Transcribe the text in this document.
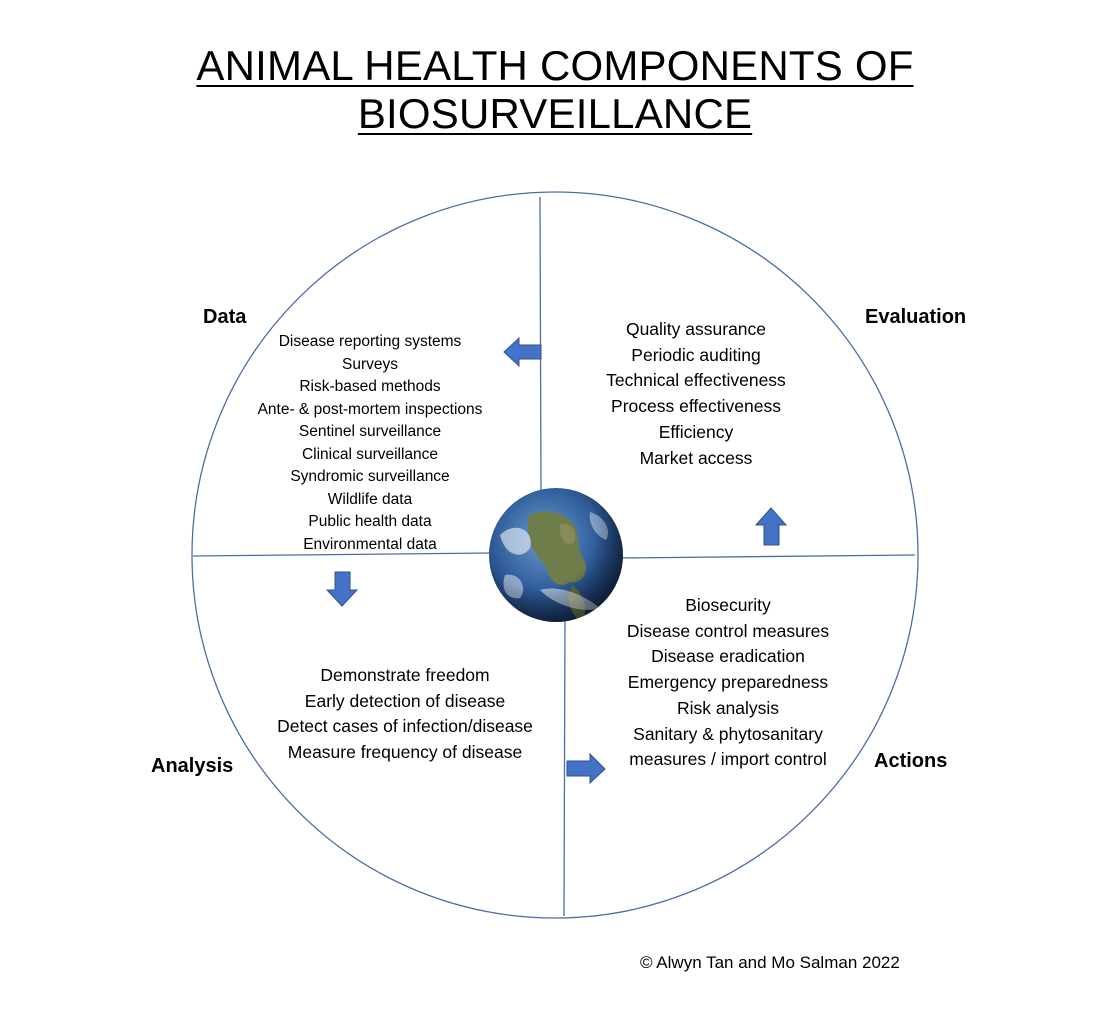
ANIMAL HEALTH COMPONENTS OF BIOSURVEILLANCE
Data	Evaluation
Analysis	Actions
Disease reporting systems
Surveys
Risk-based methods
Ante- & post-mortem inspections
Sentinel surveillance
Clinical surveillance
Syndromic surveillance
Wildlife data
Public health data
Environmental data
Quality assurance
Periodic auditing
Technical effectiveness
Process effectiveness
Efficiency
Market access
Demonstrate freedom
Early detection of disease
Detect cases of infection/disease
Measure frequency of disease
Biosecurity
Disease control measures
Disease eradication
Emergency preparedness
Risk analysis
Sanitary & phytosanitary
measures / import control

© Alwyn Tan and Mo Salman 2022
